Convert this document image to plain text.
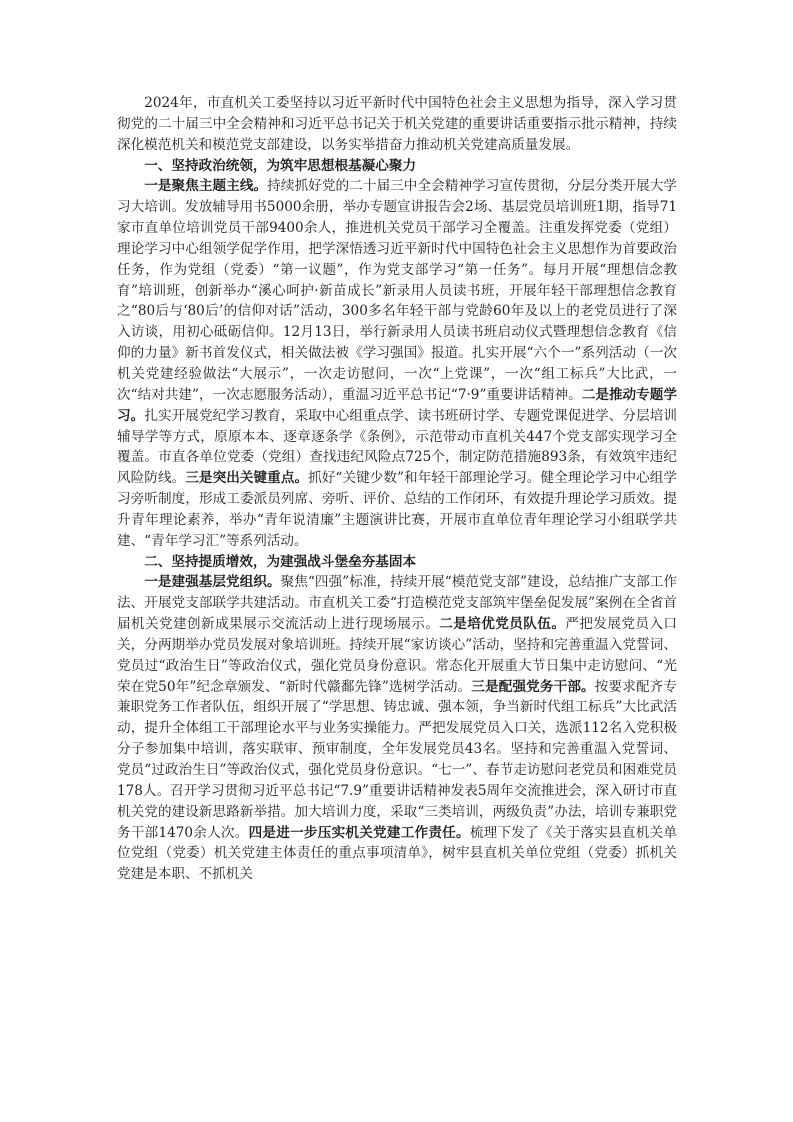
2024年，市直机关工委坚持以习近平新时代中国特色社会主义思想为指导，深入学习贯彻党的二十届三中全会精神和习近平总书记关于机关党建的重要讲话重要指示批示精神，持续深化模范机关和模范党支部建设，以务实举措奋力推动机关党建高质量发展。

一、坚持政治统领，为筑牢思想根基凝心聚力

一是聚焦主题主线。持续抓好党的二十届三中全会精神学习宣传贯彻，分层分类开展大学习大培训。发放辅导用书5000余册，举办专题宣讲报告会2场、基层党员培训班1期，指导71家市直单位培训党员干部9400余人，推进机关党员干部学习全覆盖。注重发挥党委（党组）理论学习中心组领学促学作用，把学深悟透习近平新时代中国特色社会主义思想作为首要政治任务，作为党组（党委）“第一议题”，作为党支部学习“第一任务”。每月开展“理想信念教育”培训班，创新举办“溪心呵护·新苗成长”新录用人员读书班，开展年轻干部理想信念教育之“80后与‘80后’的信仰对话”活动，300多名年轻干部与党龄60年及以上的老党员进行了深入访谈，用初心砥砺信仰。12月13日，举行新录用人员读书班启动仪式暨理想信念教育《信仰的力量》新书首发仪式，相关做法被《学习强国》报道。扎实开展“六个一”系列活动（一次机关党建经验做法“大展示”，一次走访慰问，一次“上党课”，一次“组工标兵”大比武，一次“结对共建”，一次志愿服务活动），重温习近平总书记“7·9”重要讲话精神。二是推动专题学习。扎实开展党纪学习教育，采取中心组重点学、读书班研讨学、专题党课促进学、分层培训辅导学等方式，原原本本、逐章逐条学《条例》，示范带动市直机关447个党支部实现学习全覆盖。市直各单位党委（党组）查找违纪风险点725个，制定防范措施893条，有效筑牢违纪风险防线。三是突出关键重点。抓好“关键少数”和年轻干部理论学习。健全理论学习中心组学习旁听制度，形成工委派员列席、旁听、评价、总结的工作闭环，有效提升理论学习质效。提升青年理论素养，举办“青年说清廉”主题演讲比赛，开展市直单位青年理论学习小组联学共建、“青年学习汇”等系列活动。

二、坚持提质增效，为建强战斗堡垒夯基固本

一是建强基层党组织。聚焦“四强”标准，持续开展“模范党支部”建设，总结推广支部工作法、开展党支部联学共建活动。市直机关工委“打造模范党支部筑牢堡垒促发展”案例在全省首届机关党建创新成果展示交流活动上进行现场展示。二是培优党员队伍。严把发展党员入口关，分两期举办党员发展对象培训班。持续开展“家访谈心”活动，坚持和完善重温入党誓词、党员过“政治生日”等政治仪式，强化党员身份意识。常态化开展重大节日集中走访慰问、“光荣在党50年”纪念章颁发、“新时代赣鄱先锋”选树学活动。三是配强党务干部。按要求配齐专兼职党务工作者队伍，组织开展了“学思想、铸忠诚、强本领，争当新时代组工标兵”大比武活动，提升全体组工干部理论水平与业务实操能力。严把发展党员入口关，选派112名入党积极分子参加集中培训，落实联审、预审制度，全年发展党员43名。坚持和完善重温入党誓词、党员“过政治生日”等政治仪式，强化党员身份意识。“七一”、春节走访慰问老党员和困难党员178人。召开学习贯彻习近平总书记“7.9”重要讲话精神发表5周年交流推进会，深入研讨市直机关党的建设新思路新举措。加大培训力度，采取“三类培训，两级负责”办法，培训专兼职党务干部1470余人次。四是进一步压实机关党建工作责任。梳理下发了《关于落实县直机关单位党组（党委）机关党建主体责任的重点事项清单》，树牢县直机关单位党组（党委）抓机关党建是本职、不抓机关
